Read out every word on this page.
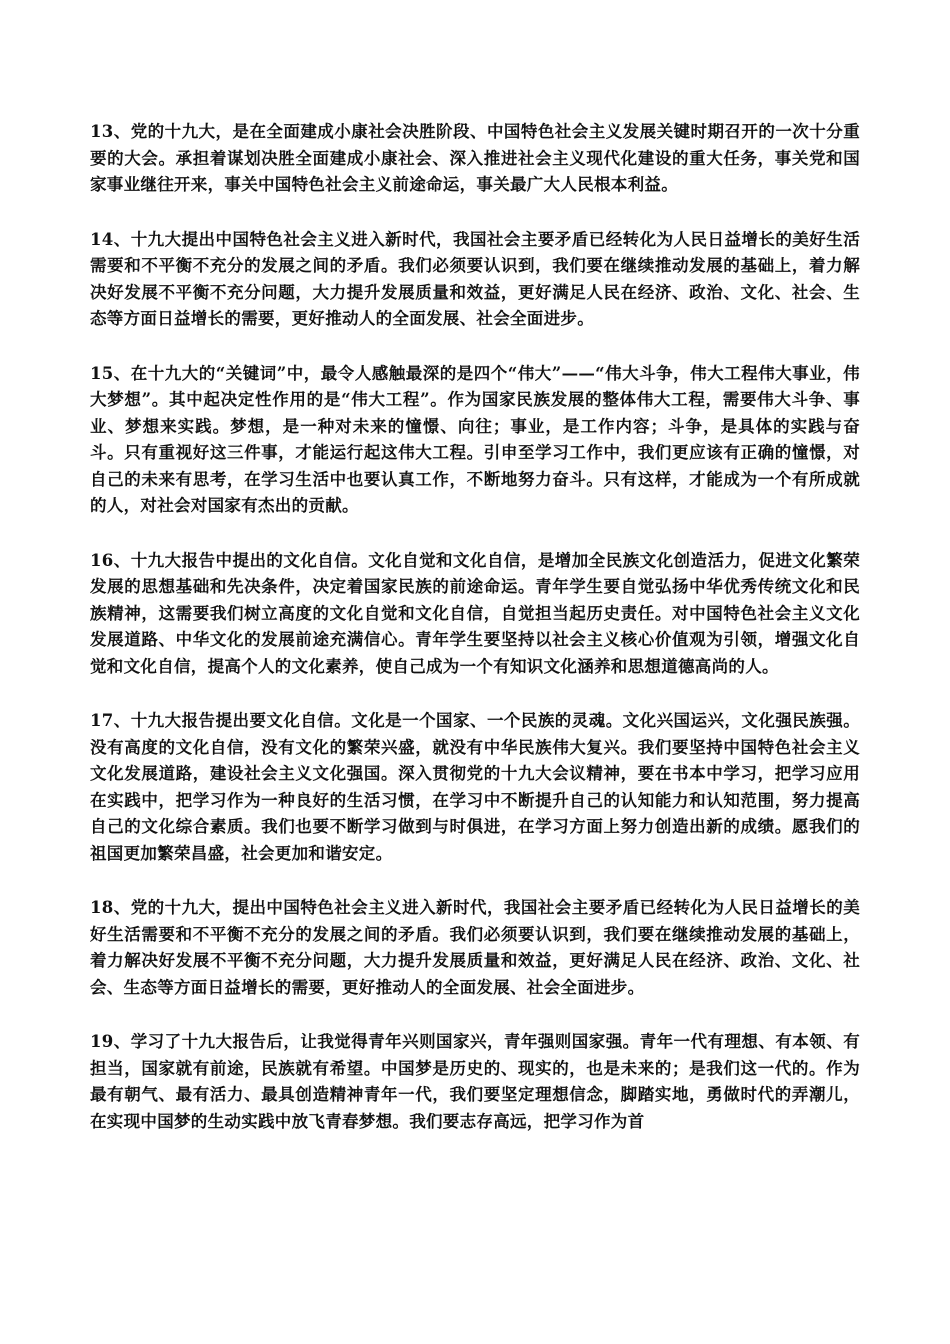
13、党的十九大，是在全面建成小康社会决胜阶段、中国特色社会主义发展关键时期召开的一次十分重要的大会。承担着谋划决胜全面建成小康社会、深入推进社会主义现代化建设的重大任务，事关党和国家事业继往开来，事关中国特色社会主义前途命运，事关最广大人民根本利益。

14、十九大提出中国特色社会主义进入新时代，我国社会主要矛盾已经转化为人民日益增长的美好生活需要和不平衡不充分的发展之间的矛盾。我们必须要认识到，我们要在继续推动发展的基础上，着力解决好发展不平衡不充分问题，大力提升发展质量和效益，更好满足人民在经济、政治、文化、社会、生态等方面日益增长的需要，更好推动人的全面发展、社会全面进步。

15、在十九大的“关键词”中，最令人感触最深的是四个“伟大”——“伟大斗争，伟大工程伟大事业，伟大梦想”。其中起决定性作用的是“伟大工程”。作为国家民族发展的整体伟大工程，需要伟大斗争、事业、梦想来实践。梦想，是一种对未来的憧憬、向往；事业，是工作内容；斗争，是具体的实践与奋斗。只有重视好这三件事，才能运行起这伟大工程。引申至学习工作中，我们更应该有正确的憧憬，对自己的未来有思考，在学习生活中也要认真工作，不断地努力奋斗。只有这样，才能成为一个有所成就的人，对社会对国家有杰出的贡献。

16、十九大报告中提出的文化自信。文化自觉和文化自信，是增加全民族文化创造活力，促进文化繁荣发展的思想基础和先决条件，决定着国家民族的前途命运。青年学生要自觉弘扬中华优秀传统文化和民族精神，这需要我们树立高度的文化自觉和文化自信，自觉担当起历史责任。对中国特色社会主义文化发展道路、中华文化的发展前途充满信心。青年学生要坚持以社会主义核心价值观为引领，增强文化自觉和文化自信，提高个人的文化素养，使自己成为一个有知识文化涵养和思想道德高尚的人。

17、十九大报告提出要文化自信。文化是一个国家、一个民族的灵魂。文化兴国运兴，文化强民族强。没有高度的文化自信，没有文化的繁荣兴盛，就没有中华民族伟大复兴。我们要坚持中国特色社会主义文化发展道路，建设社会主义文化强国。深入贯彻党的十九大会议精神，要在书本中学习，把学习应用在实践中，把学习作为一种良好的生活习惯，在学习中不断提升自己的认知能力和认知范围，努力提高自己的文化综合素质。我们也要不断学习做到与时俱进，在学习方面上努力创造出新的成绩。愿我们的祖国更加繁荣昌盛，社会更加和谐安定。

18、党的十九大，提出中国特色社会主义进入新时代，我国社会主要矛盾已经转化为人民日益增长的美好生活需要和不平衡不充分的发展之间的矛盾。我们必须要认识到，我们要在继续推动发展的基础上，着力解决好发展不平衡不充分问题，大力提升发展质量和效益，更好满足人民在经济、政治、文化、社会、生态等方面日益增长的需要，更好推动人的全面发展、社会全面进步。

19、学习了十九大报告后，让我觉得青年兴则国家兴，青年强则国家强。青年一代有理想、有本领、有担当，国家就有前途，民族就有希望。中国梦是历史的、现实的，也是未来的；是我们这一代的。作为最有朝气、最有活力、最具创造精神青年一代，我们要坚定理想信念，脚踏实地，勇做时代的弄潮儿，在实现中国梦的生动实践中放飞青春梦想。我们要志存高远，把学习作为首
